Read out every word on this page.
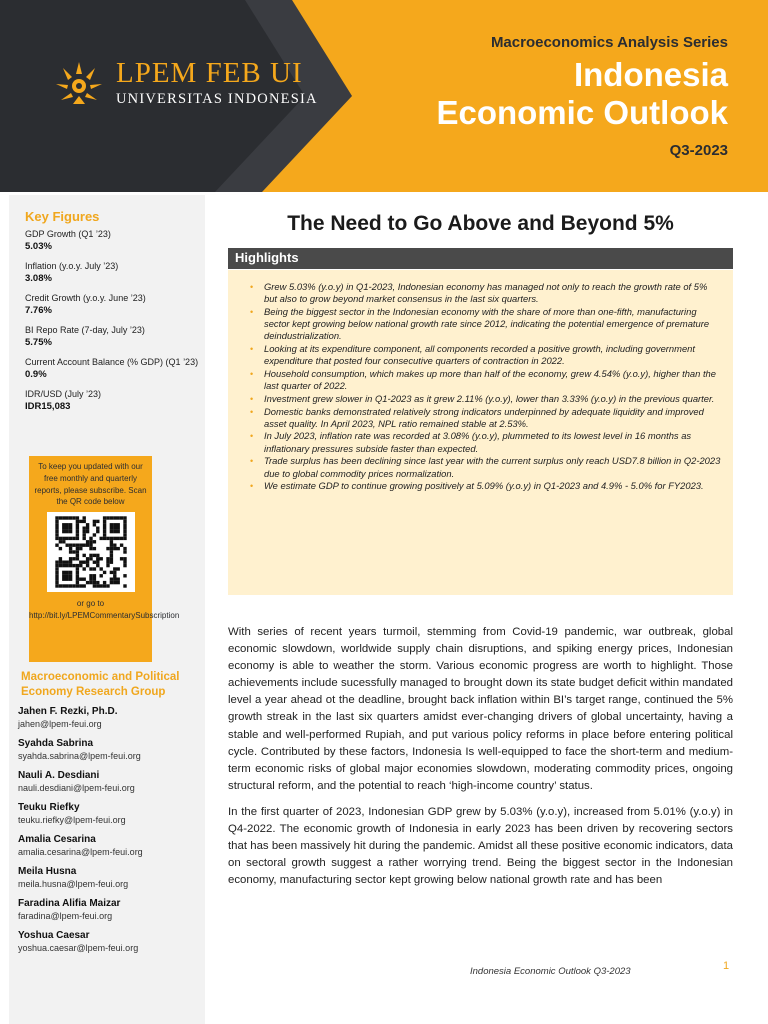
LPEM FEB UI
UNIVERSITAS INDONESIA
Macroeconomics Analysis Series
Indonesia
Economic Outlook
Q3-2023
Key Figures
GDP Growth (Q1 ’23)
5.03%
Inflation (y.o.y. July ’23)
3.08%
Credit Growth (y.o.y. June ’23)
7.76%
BI Repo Rate (7-day, July ’23)
5.75%
Current Account Balance (% GDP) (Q1 ’23)
0.9%
IDR/USD (July ’23)
IDR15,083
To keep you updated with our free monthly and quarterly reports, please subscribe. Scan the QR code below
or go to
http://bit.ly/LPEMCommentarySubscription
Macroeconomic and Political Economy Research Group
Jahen F. Rezki, Ph.D.
jahen@lpem-feui.org
Syahda Sabrina
syahda.sabrina@lpem-feui.org
Nauli A. Desdiani
nauli.desdiani@lpem-feui.org
Teuku Riefky
teuku.riefky@lpem-feui.org
Amalia Cesarina
amalia.cesarina@lpem-feui.org
Meila Husna
meila.husna@lpem-feui.org
Faradina Alifia Maizar
faradina@lpem-feui.org
Yoshua Caesar
yoshua.caesar@lpem-feui.org
The Need to Go Above and Beyond 5%
Highlights
• Grew 5.03% (y.o.y) in Q1-2023, Indonesian economy has managed not only to reach the growth rate of 5% but also to grow beyond market consensus in the last six quarters.
• Being the biggest sector in the Indonesian economy with the share of more than one-fifth, manufacturing sector kept growing below national growth rate since 2012, indicating the potential emergence of premature deindustrialization.
• Looking at its expenditure component, all components recorded a positive growth, including government expenditure that posted four consecutive quarters of contraction in 2022.
• Household consumption, which makes up more than half of the economy, grew 4.54% (y.o.y), higher than the last quarter of 2022.
• Investment grew slower in Q1-2023 as it grew 2.11% (y.o.y), lower than 3.33% (y.o.y) in the previous quarter.
• Domestic banks demonstrated relatively strong indicators underpinned by adequate liquidity and improved asset quality. In April 2023, NPL ratio remained stable at 2.53%.
• In July 2023, inflation rate was recorded at 3.08% (y.o.y), plummeted to its lowest level in 16 months as inflationary pressures subside faster than expected.
• Trade surplus has been declining since last year with the current surplus only reach USD7.8 billion in Q2-2023 due to global commodity prices normalization.
• We estimate GDP to continue growing positively at 5.09% (y.o.y) in Q1-2023 and 4.9% - 5.0% for FY2023.

With series of recent years turmoil, stemming from Covid-19 pandemic, war outbreak, global economic slowdown, worldwide supply chain disruptions, and spiking energy prices, Indonesian economy is able to weather the storm. Various economic progress are worth to highlight. Those achievements include sucessfully managed to brought down its state budget deficit within mandated level a year ahead ot the deadline, brought back inflation within BI’s target range, continued the 5% growth streak in the last six quarters amidst ever-changing drivers of global uncertainty, having a stable and well-performed Rupiah, and put various policy reforms in place before entering political cycle. Contributed by these factors, Indonesia Is well-equipped to face the short-term and medium-term economic risks of global major economies slowdown, moderating commodity prices, ongoing structural reform, and the potential to reach ‘high-income country’ status.

In the first quarter of 2023, Indonesian GDP grew by 5.03% (y.o.y), increased from 5.01% (y.o.y) in Q4-2022. The economic growth of Indonesia in early 2023 has been driven by recovering sectors that has been massively hit during the pandemic. Amidst all these positive economic indicators, data on sectoral growth suggest a rather worrying trend. Being the biggest sector in the Indonesian economy, manufacturing sector kept growing below national growth rate and has been

Indonesia Economic Outlook Q3-2023	1
